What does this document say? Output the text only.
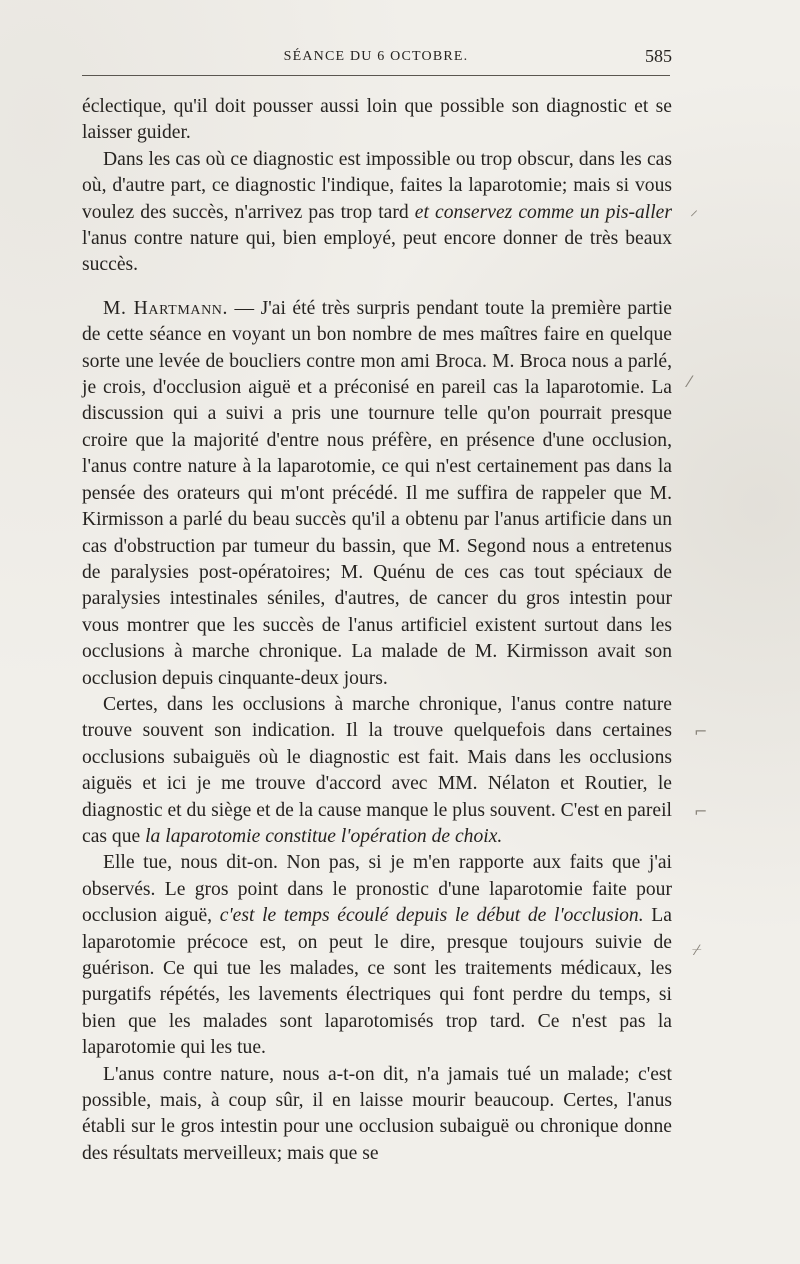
SÉANCE DU 6 OCTOBRE.	585

éclectique, qu'il doit pousser aussi loin que possible son diagnostic et se laisser guider.

Dans les cas où ce diagnostic est impossible ou trop obscur, dans les cas où, d'autre part, ce diagnostic l'indique, faites la laparotomie; mais si vous voulez des succès, n'arrivez pas trop tard et conservez comme un pis-aller l'anus contre nature qui, bien employé, peut encore donner de très beaux succès.

M. Hartmann. — J'ai été très surpris pendant toute la première partie de cette séance en voyant un bon nombre de mes maîtres faire en quelque sorte une levée de boucliers contre mon ami Broca. M. Broca nous a parlé, je crois, d'occlusion aiguë et a préconisé en pareil cas la laparotomie. La discussion qui a suivi a pris une tournure telle qu'on pourrait presque croire que la majorité d'entre nous préfère, en présence d'une occlusion, l'anus contre nature à la laparotomie, ce qui n'est certainement pas dans la pensée des orateurs qui m'ont précédé. Il me suffira de rappeler que M. Kirmisson a parlé du beau succès qu'il a obtenu par l'anus artificie dans un cas d'obstruction par tumeur du bassin, que M. Segond nous a entretenus de paralysies post-opératoires; M. Quénu de ces cas tout spéciaux de paralysies intestinales séniles, d'autres, de cancer du gros intestin pour vous montrer que les succès de l'anus artificiel existent surtout dans les occlusions à marche chronique. La malade de M. Kirmisson avait son occlusion depuis cinquante-deux jours.

Certes, dans les occlusions à marche chronique, l'anus contre nature trouve souvent son indication. Il la trouve quelquefois dans certaines occlusions subaiguës où le diagnostic est fait. Mais dans les occlusions aiguës et ici je me trouve d'accord avec MM. Nélaton et Routier, le diagnostic et du siège et de la cause manque le plus souvent. C'est en pareil cas que la laparotomie constitue l'opération de choix.

Elle tue, nous dit-on. Non pas, si je m'en rapporte aux faits que j'ai observés. Le gros point dans le pronostic d'une laparotomie faite pour occlusion aiguë, c'est le temps écoulé depuis le début de l'occlusion. La laparotomie précoce est, on peut le dire, presque toujours suivie de guérison. Ce qui tue les malades, ce sont les traitements médicaux, les purgatifs répétés, les lavements électriques qui font perdre du temps, si bien que les malades sont laparotomisés trop tard. Ce n'est pas la laparotomie qui les tue.

L'anus contre nature, nous a-t-on dit, n'a jamais tué un malade; c'est possible, mais, à coup sûr, il en laisse mourir beaucoup. Certes, l'anus établi sur le gros intestin pour une occlusion subaiguë ou chronique donne des résultats merveilleux; mais que se

⸝
⁄
⌐
⌐
⌿
